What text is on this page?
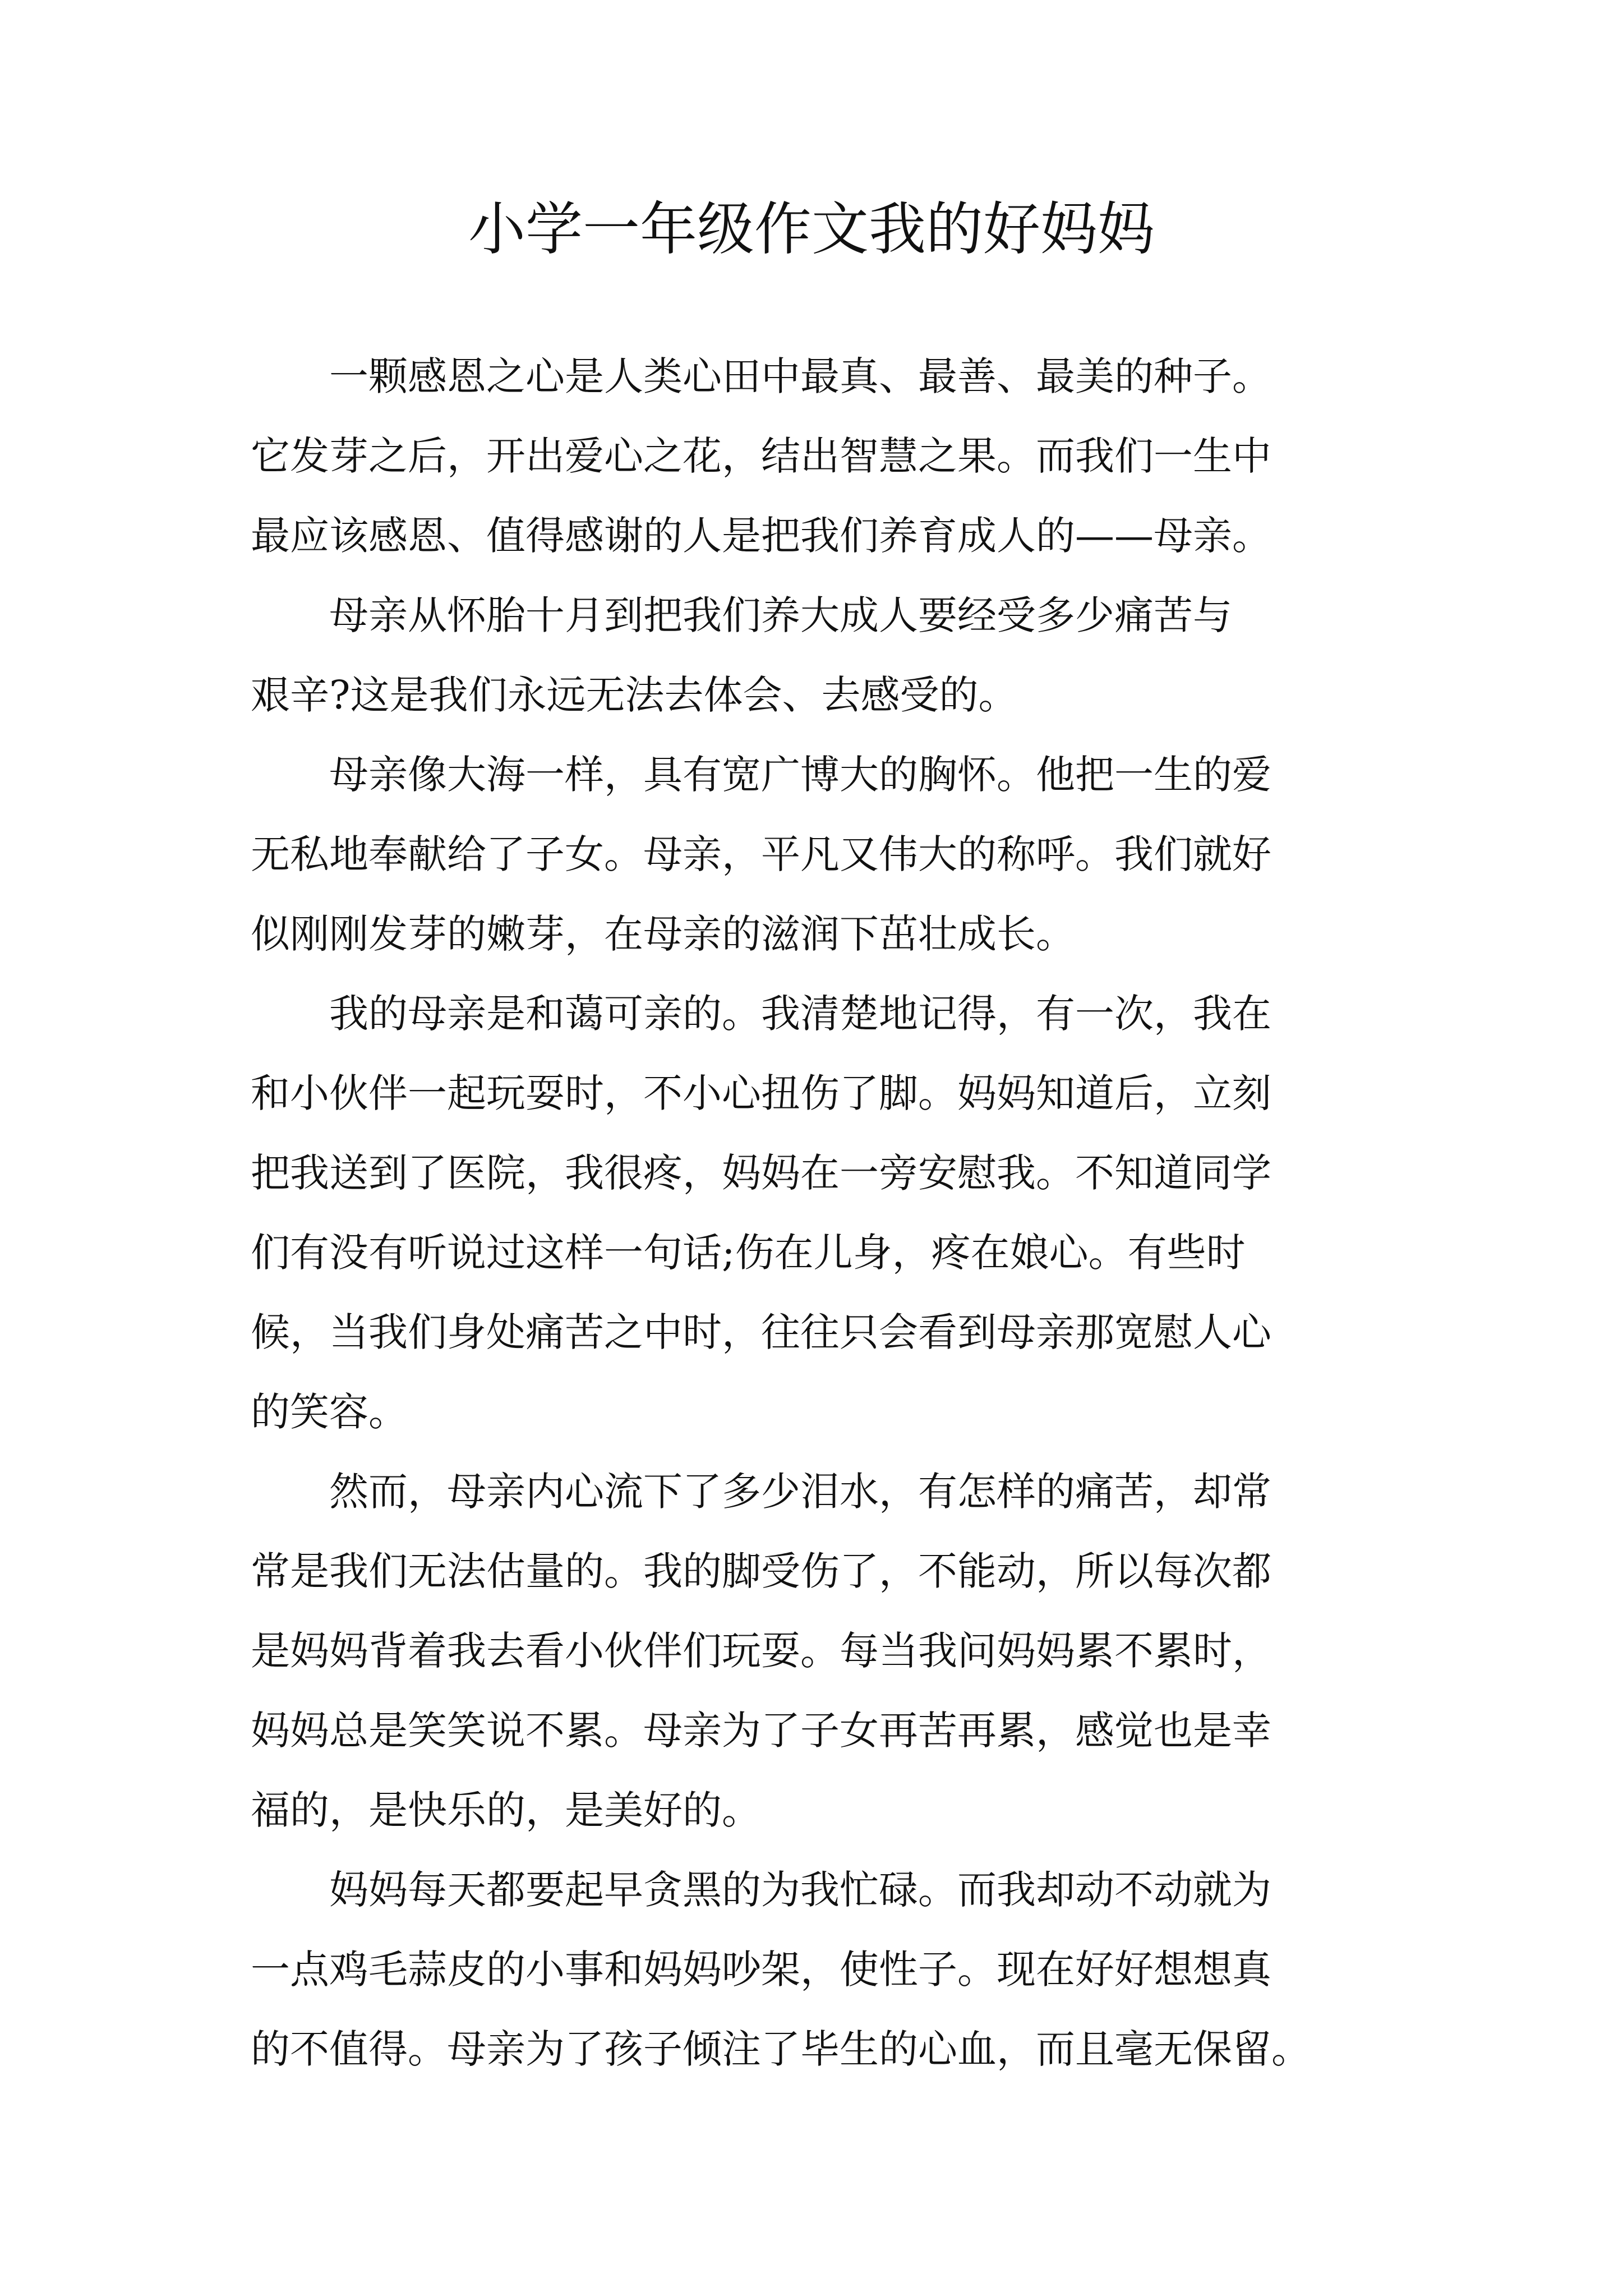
小学一年级作文我的好妈妈

一颗感恩之心是人类心田中最真、最善、最美的种子。
它发芽之后，开出爱心之花，结出智慧之果。而我们一生中
最应该感恩、值得感谢的人是把我们养育成人的——母亲。

母亲从怀胎十月到把我们养大成人要经受多少痛苦与
艰辛?这是我们永远无法去体会、去感受的。

母亲像大海一样，具有宽广博大的胸怀。他把一生的爱
无私地奉献给了子女。母亲，平凡又伟大的称呼。我们就好
似刚刚发芽的嫩芽，在母亲的滋润下茁壮成长。

我的母亲是和蔼可亲的。我清楚地记得，有一次，我在
和小伙伴一起玩耍时，不小心扭伤了脚。妈妈知道后，立刻
把我送到了医院，我很疼，妈妈在一旁安慰我。不知道同学
们有没有听说过这样一句话;伤在儿身，疼在娘心。有些时
候，当我们身处痛苦之中时，往往只会看到母亲那宽慰人心
的笑容。

然而，母亲内心流下了多少泪水，有怎样的痛苦，却常
常是我们无法估量的。我的脚受伤了，不能动，所以每次都
是妈妈背着我去看小伙伴们玩耍。每当我问妈妈累不累时，
妈妈总是笑笑说不累。母亲为了子女再苦再累，感觉也是幸
福的，是快乐的，是美好的。

妈妈每天都要起早贪黑的为我忙碌。而我却动不动就为
一点鸡毛蒜皮的小事和妈妈吵架，使性子。现在好好想想真
的不值得。母亲为了孩子倾注了毕生的心血，而且毫无保留。
